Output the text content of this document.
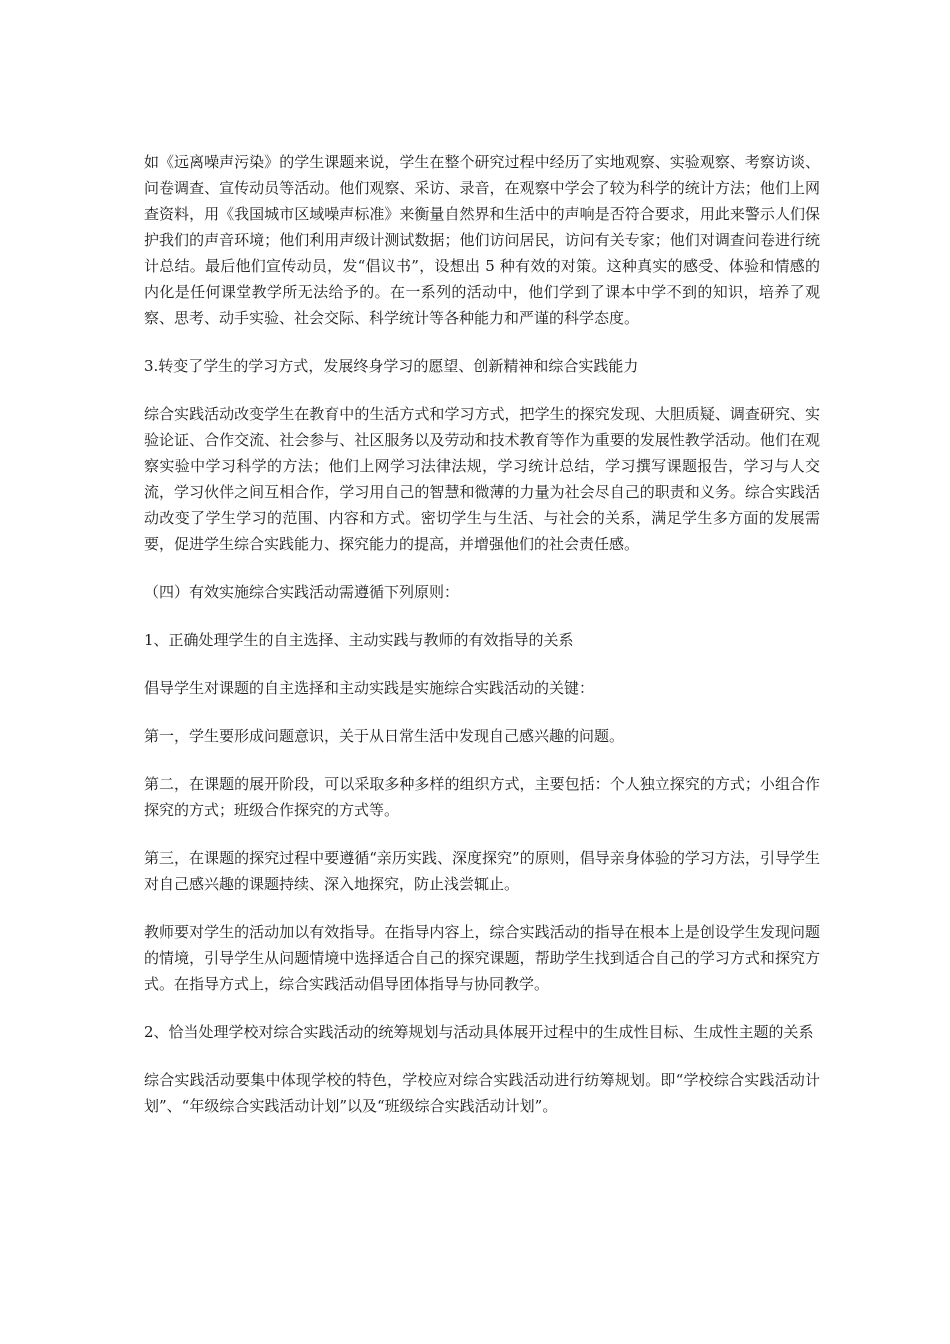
如《远离噪声污染》的学生课题来说，学生在整个研究过程中经历了实地观察、实验观察、考察访谈、问卷调查、宣传动员等活动。他们观察、采访、录音，在观察中学会了较为科学的统计方法；他们上网查资料，用《我国城市区域噪声标准》来衡量自然界和生活中的声响是否符合要求，用此来警示人们保护我们的声音环境；他们利用声级计测试数据；他们访问居民，访问有关专家；他们对调查问卷进行统计总结。最后他们宣传动员，发“倡议书”，设想出 5 种有效的对策。这种真实的感受、体验和情感的内化是任何课堂教学所无法给予的。在一系列的活动中，他们学到了课本中学不到的知识，培养了观察、思考、动手实验、社会交际、科学统计等各种能力和严谨的科学态度。

3.转变了学生的学习方式，发展终身学习的愿望、创新精神和综合实践能力

综合实践活动改变学生在教育中的生活方式和学习方式，把学生的探究发现、大胆质疑、调查研究、实验论证、合作交流、社会参与、社区服务以及劳动和技术教育等作为重要的发展性教学活动。他们在观察实验中学习科学的方法；他们上网学习法律法规，学习统计总结，学习撰写课题报告，学习与人交流，学习伙伴之间互相合作，学习用自己的智慧和微薄的力量为社会尽自己的职责和义务。综合实践活动改变了学生学习的范围、内容和方式。密切学生与生活、与社会的关系，满足学生多方面的发展需要，促进学生综合实践能力、探究能力的提高，并增强他们的社会责任感。

（四）有效实施综合实践活动需遵循下列原则：

1、正确处理学生的自主选择、主动实践与教师的有效指导的关系

倡导学生对课题的自主选择和主动实践是实施综合实践活动的关键：

第一，学生要形成问题意识，关于从日常生活中发现自己感兴趣的问题。

第二，在课题的展开阶段，可以采取多种多样的组织方式，主要包括：个人独立探究的方式；小组合作探究的方式；班级合作探究的方式等。

第三，在课题的探究过程中要遵循“亲历实践、深度探究”的原则，倡导亲身体验的学习方法，引导学生对自己感兴趣的课题持续、深入地探究，防止浅尝辄止。

教师要对学生的活动加以有效指导。在指导内容上，综合实践活动的指导在根本上是创设学生发现问题的情境，引导学生从问题情境中选择适合自己的探究课题，帮助学生找到适合自己的学习方式和探究方式。在指导方式上，综合实践活动倡导团体指导与协同教学。

2、恰当处理学校对综合实践活动的统筹规划与活动具体展开过程中的生成性目标、生成性主题的关系

综合实践活动要集中体现学校的特色，学校应对综合实践活动进行纺筹规划。即“学校综合实践活动计划”、“年级综合实践活动计划”以及“班级综合实践活动计划”。
